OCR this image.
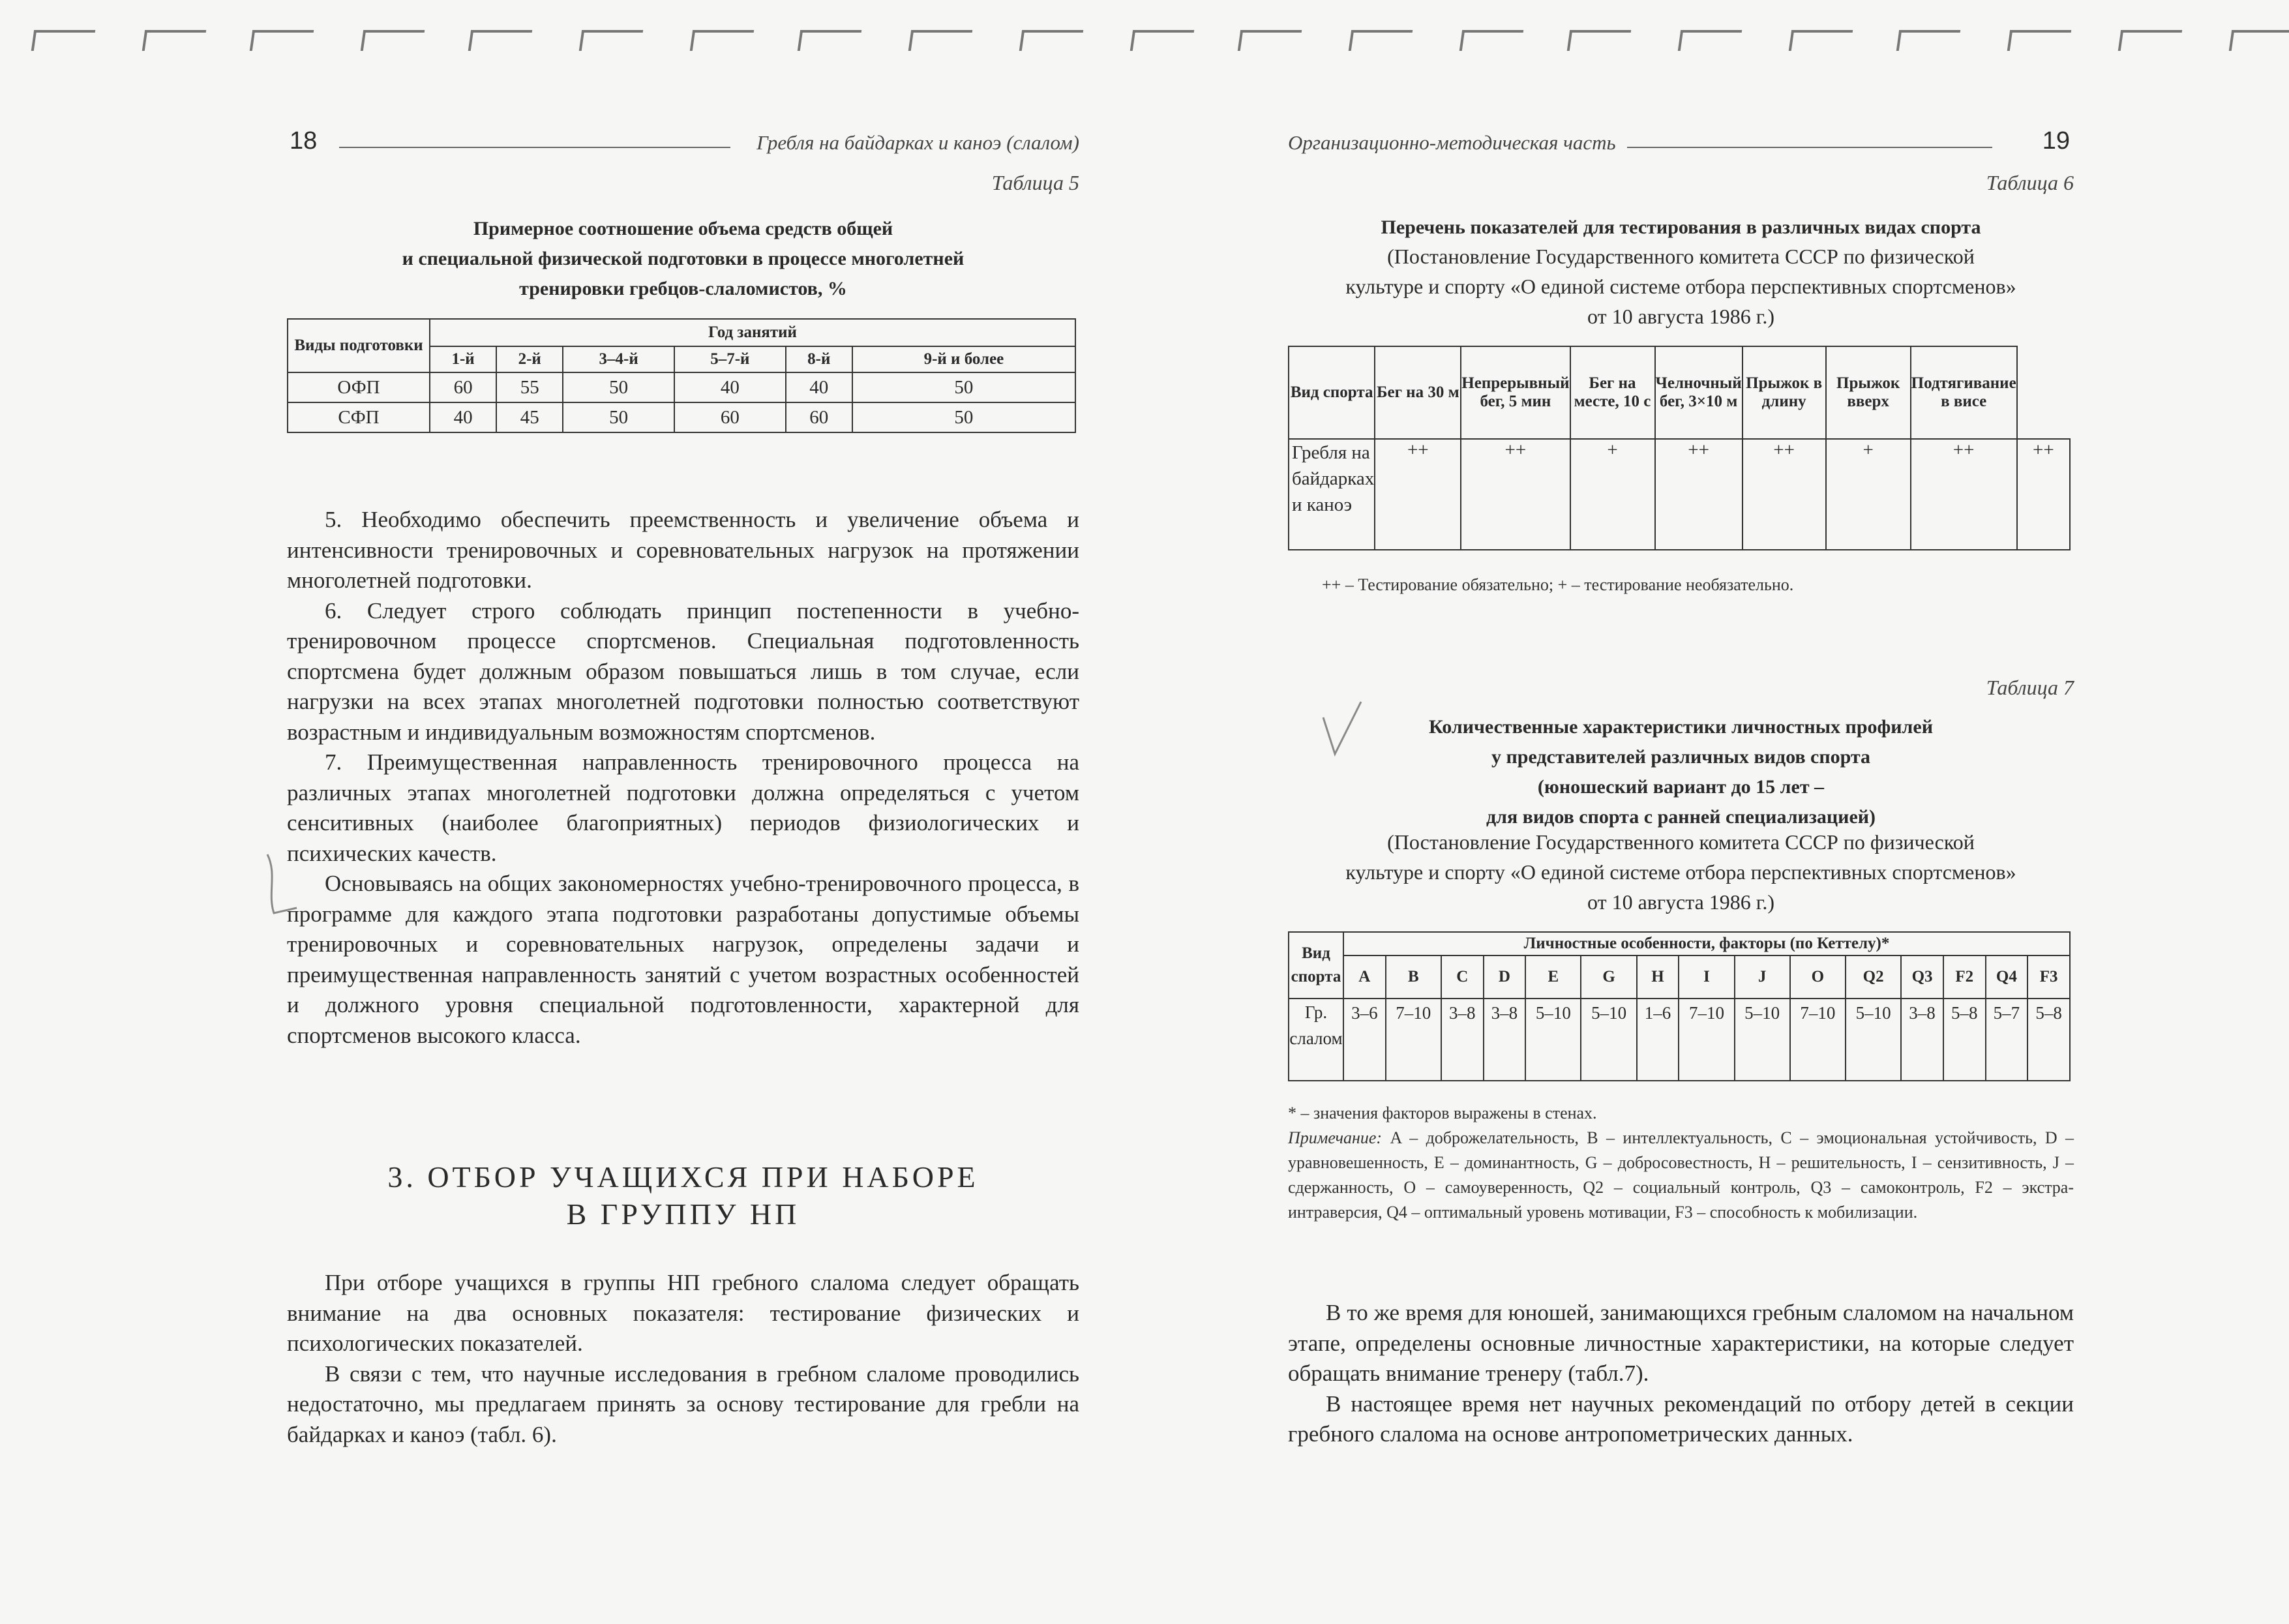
18	Гребля на байдарках и каноэ (слалом)
Таблица 5
Примерное соотношение объема средств общей
и специальной физической подготовки в процессе многолетней
тренировки гребцов-слаломистов, %
Виды подготовки	Год занятий					
	1-й	2-й	3–4-й	5–7-й	8-й	9-й и более
ОФП	60	55	50	40	40	50
СФП	40	45	50	60	60	50

5. Необходимо обеспечить преемственность и увеличение объема и интенсивности тренировочных и соревновательных нагрузок на протяжении многолетней подготовки.

6. Следует строго соблюдать принцип постепенности в учебно-тренировочном процессе спортсменов. Специальная подготовленность спортсмена будет должным образом повышаться лишь в том случае, если нагрузки на всех этапах многолетней подготовки полностью соответствуют возрастным и индивидуальным возможностям спортсменов.

7. Преимущественная направленность тренировочного процесса на различных этапах многолетней подготовки должна определяться с учетом сенситивных (наиболее благоприятных) периодов физиологических и психических качеств.

Основываясь на общих закономерностях учебно-тренировочного процесса, в программе для каждого этапа подготовки разработаны допустимые объемы тренировочных и соревновательных нагрузок, определены задачи и преимущественная направленность занятий с учетом возрастных особенностей и должного уровня специальной подготовленности, характерной для спортсменов высокого класса.

3. ОТБОР УЧАЩИХСЯ ПРИ НАБОРЕ
В ГРУППУ НП

При отборе учащихся в группы НП гребного слалома следует обращать внимание на два основных показателя: тестирование физических и психологических показателей.

В связи с тем, что научные исследования в гребном слаломе проводились недостаточно, мы предлагаем принять за основу тестирование для гребли на байдарках и каноэ (табл. 6).

Организационно-методическая часть	19
Таблица 6
Перечень показателей для тестирования в различных видах спорта
(Постановление Государственного комитета СССР по физической
культуре и спорту «О единой системе отбора перспективных спортсменов»
от 10 августа 1986 г.)
Вид спорта	Бег на 30 м	Непрерывный бег, 5 мин	Бег на месте, 10 с	Челночный бег, 3×10 м	Прыжок в длину	Прыжок вверх	Подтягивание в висе	
Гребля на байдарках и каноэ	++	++	+	++	++	+	++	++
++ – Тестирование обязательно; + – тестирование необязательно.
Таблица 7
Количественные характеристики личностных профилей
у представителей различных видов спорта
(юношеский вариант до 15 лет –
для видов спорта с ранней специализацией)
(Постановление Государственного комитета СССР по физической
культуре и спорту «О единой системе отбора перспективных спортсменов»
от 10 августа 1986 г.)
Вид спорта	Личностные особенности, факторы (по Кеттелу)*														
	A	B	C	D	E	G	H	I	J	O	Q2	Q3	F2	Q4	F3
Гр. слалом	3–6	7–10	3–8	3–8	5–10	5–10	1–6	7–10	5–10	7–10	5–10	3–8	5–8	5–7	5–8

* – значения факторов выражены в стенах.

Примечание: A – доброжелательность, B – интеллектуальность, C – эмоциональная устойчивость, D – уравновешенность, E – доминантность, G – добросовестность, H – решительность, I – сензитивность, J – сдержанность, O – самоуверенность, Q2 – социальный контроль, Q3 – самоконтроль, F2 – экстра-интраверсия, Q4 – оптимальный уровень мотивации, F3 – способность к мобилизации.

В то же время для юношей, занимающихся гребным слаломом на начальном этапе, определены основные личностные характеристики, на которые следует обращать внимание тренеру (табл.7).

В настоящее время нет научных рекомендаций по отбору детей в секции гребного слалома на основе антропометрических данных.
